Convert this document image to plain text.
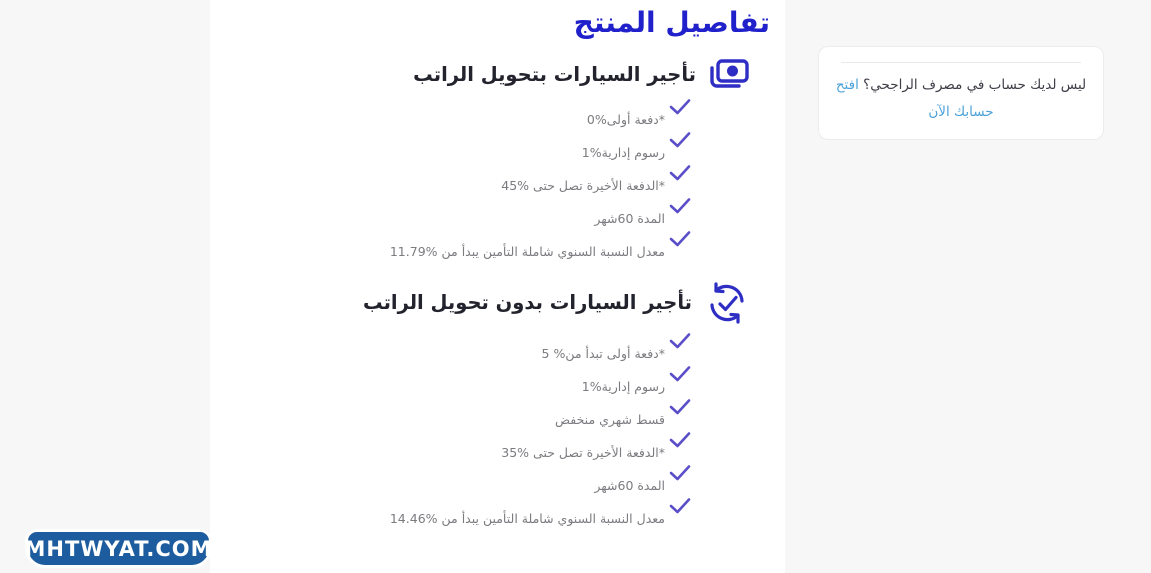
تفاصيل المنتج
تأجير السيارات بتحويل الراتب
*دفعة أولى%0
رسوم إدارية%1
*الدفعة الأخيرة تصل حتى %45
المدة 60شهر
معدل النسبة السنوي شاملة التأمين يبدأ من %11.79
تأجير السيارات بدون تحويل الراتب
*دفعة أولى تبدأ من% 5
رسوم إدارية%1
قسط شهري منخفض
*الدفعة الأخيرة تصل حتى %35
المدة 60شهر
معدل النسبة السنوي شاملة التأمين يبدأ من %14.46

ليس لديك حساب في مصرف الراجحي؟ افتح حسابك الآن

MHTWYAT.COM
